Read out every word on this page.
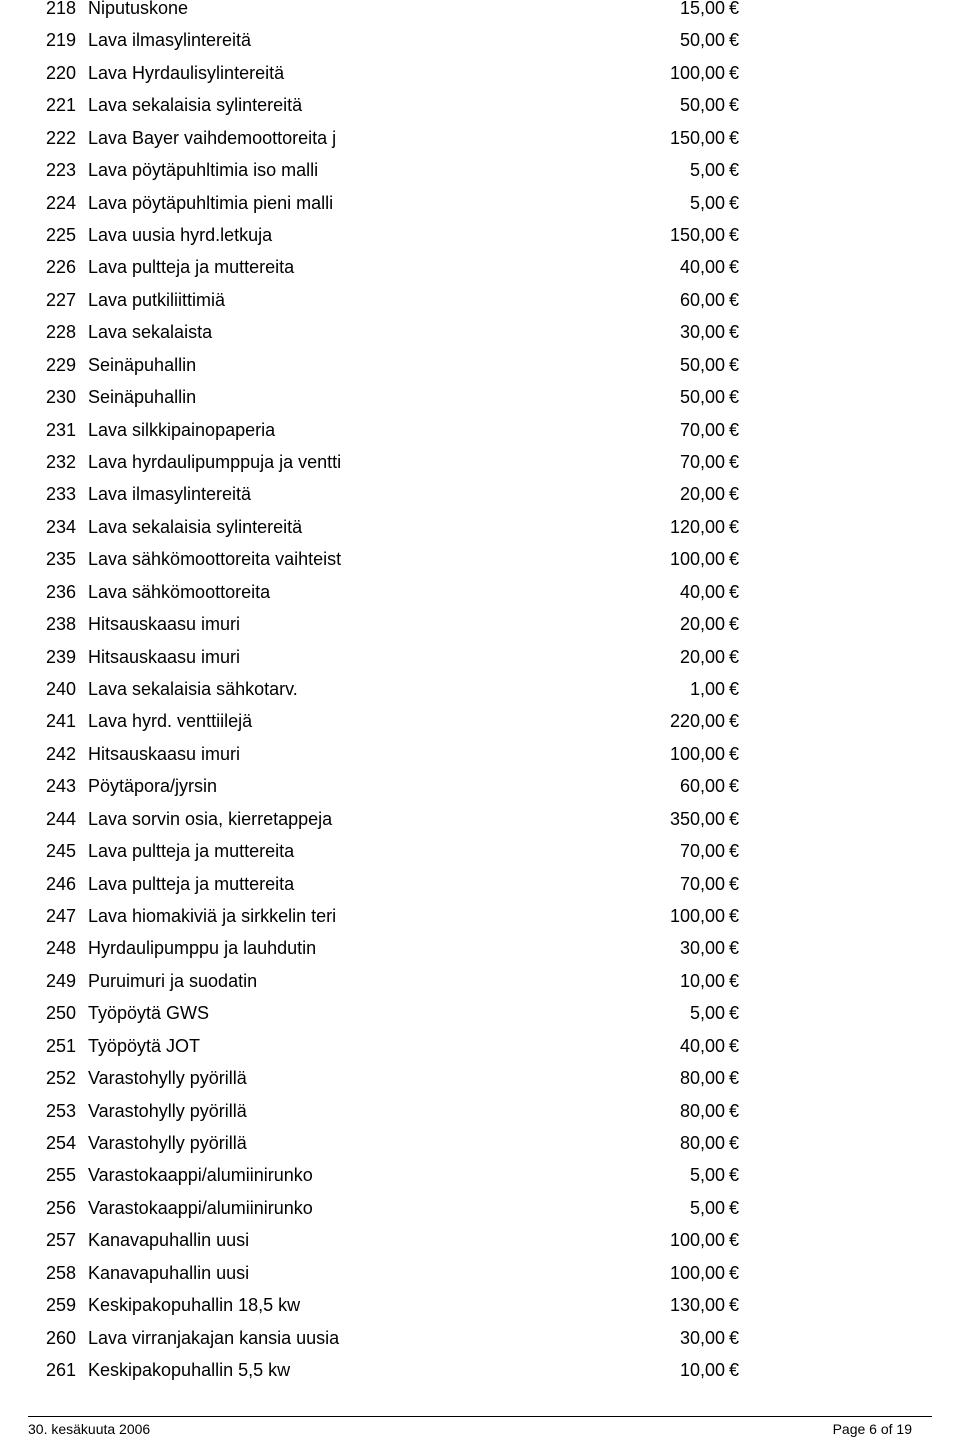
218 Niputuskone	15,00 €
219 Lava ilmasylintereitä	50,00 €
220 Lava Hyrdaulisylintereitä	100,00 €
221 Lava sekalaisia sylintereitä	50,00 €
222 Lava Bayer vaihdemoottoreita j	150,00 €
223 Lava pöytäpuhltimia iso malli	5,00 €
224 Lava pöytäpuhltimia pieni malli	5,00 €
225 Lava uusia hyrd.letkuja	150,00 €
226 Lava pultteja ja muttereita	40,00 €
227 Lava putkiliittimiä	60,00 €
228 Lava sekalaista	30,00 €
229 Seinäpuhallin	50,00 €
230 Seinäpuhallin	50,00 €
231 Lava silkkipainopaperia	70,00 €
232 Lava hyrdaulipumppuja ja ventti	70,00 €
233 Lava ilmasylintereitä	20,00 €
234 Lava sekalaisia sylintereitä	120,00 €
235 Lava sähkömoottoreita vaihteist	100,00 €
236 Lava sähkömoottoreita	40,00 €
238 Hitsauskaasu imuri	20,00 €
239 Hitsauskaasu imuri	20,00 €
240 Lava sekalaisia sähkotarv.	1,00 €
241 Lava hyrd. venttiilejä	220,00 €
242 Hitsauskaasu imuri	100,00 €
243 Pöytäpora/jyrsin	60,00 €
244 Lava sorvin osia, kierretappeja	350,00 €
245 Lava pultteja ja muttereita	70,00 €
246 Lava pultteja ja muttereita	70,00 €
247 Lava hiomakiviä ja sirkkelin teri	100,00 €
248 Hyrdaulipumppu ja lauhdutin	30,00 €
249 Puruimuri ja suodatin	10,00 €
250 Työpöytä GWS	5,00 €
251 Työpöytä JOT	40,00 €
252 Varastohylly pyörillä	80,00 €
253 Varastohylly pyörillä	80,00 €
254 Varastohylly pyörillä	80,00 €
255 Varastokaappi/alumiinirunko	5,00 €
256 Varastokaappi/alumiinirunko	5,00 €
257 Kanavapuhallin uusi	100,00 €
258 Kanavapuhallin uusi	100,00 €
259 Keskipakopuhallin 18,5 kw	130,00 €
260 Lava virranjakajan kansia uusia	30,00 €
261 Keskipakopuhallin 5,5 kw	10,00 €
30. kesäkuuta 2006	Page 6 of 19
